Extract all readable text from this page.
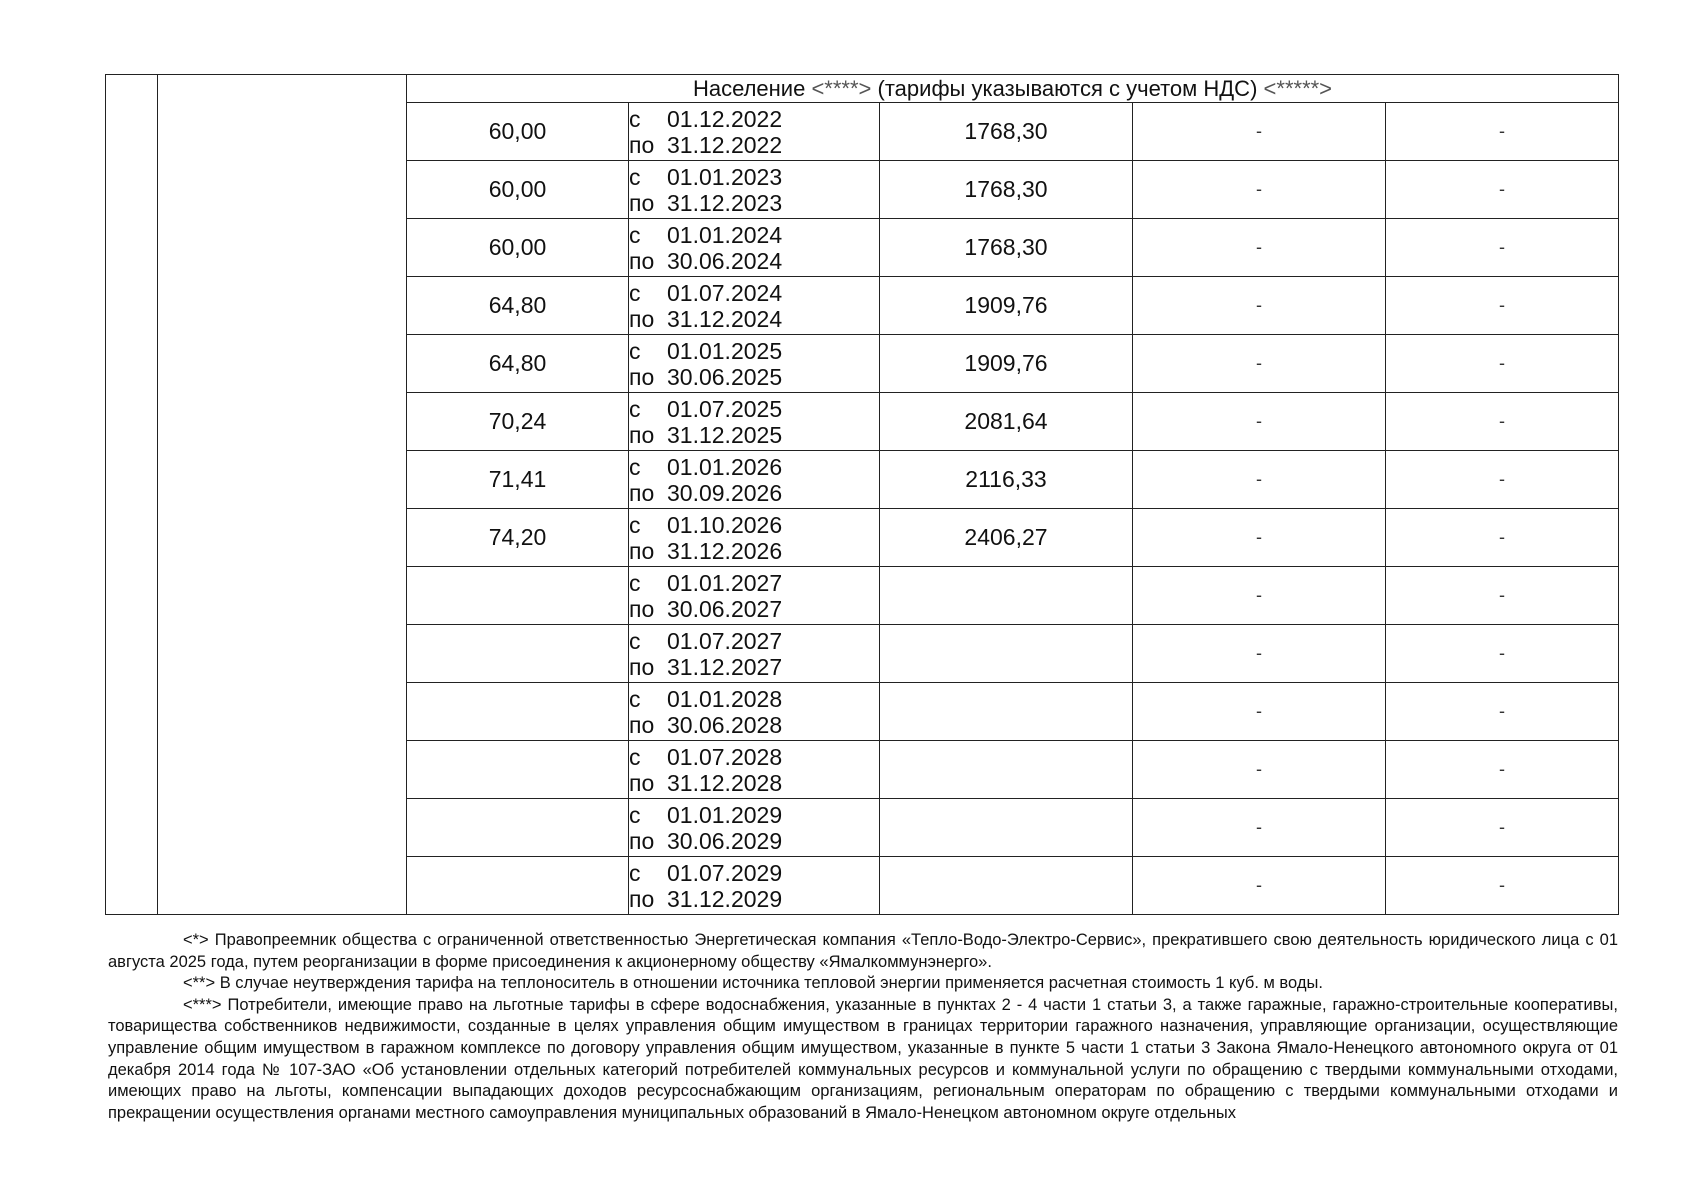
		Население <****> (тарифы указываются с учетом НДС) <*****>				
		60,00	с 01.12.2022
по 31.12.2022	1768,30	-	-
		60,00	с 01.01.2023
по 31.12.2023	1768,30	-	-
		60,00	с 01.01.2024
по 30.06.2024	1768,30	-	-
		64,80	с 01.07.2024
по 31.12.2024	1909,76	-	-
		64,80	с 01.01.2025
по 30.06.2025	1909,76	-	-
		70,24	с 01.07.2025
по 31.12.2025	2081,64	-	-
		71,41	с 01.01.2026
по 30.09.2026	2116,33	-	-
		74,20	с 01.10.2026
по 31.12.2026	2406,27	-	-

			с 01.01.2027
по 30.06.2027		-	-

			с 01.07.2027
по 31.12.2027		-	-

			с 01.01.2028
по 30.06.2028		-	-

			с 01.07.2028
по 31.12.2028		-	-

			с 01.01.2029
по 30.06.2029		-	-

			с 01.07.2029
по 31.12.2029		-	-

<*> Правопреемник общества с ограниченной ответственностью Энергетическая компания «Тепло-Водо-Электро-Сервис», прекратившего свою деятельность юридического лица с 01 августа 2025 года, путем реорганизации в форме присоединения к акционерному обществу «Ямалкоммунэнерго».

<**> В случае неутверждения тарифа на теплоноситель в отношении источника тепловой энергии применяется расчетная стоимость 1 куб. м воды.

<***> Потребители, имеющие право на льготные тарифы в сфере водоснабжения, указанные в пунктах 2 - 4 части 1 статьи 3, а также гаражные, гаражно-строительные кооперативы, товарищества собственников недвижимости, созданные в целях управления общим имуществом в границах территории гаражного назначения, управляющие организации, осуществляющие управление общим имуществом в гаражном комплексе по договору управления общим имуществом, указанные в пункте 5 части 1 статьи 3 Закона Ямало-Ненецкого автономного округа от 01 декабря 2014 года № 107-ЗАО «Об установлении отдельных категорий потребителей коммунальных ресурсов и коммунальной услуги по обращению с твердыми коммунальными отходами, имеющих право на льготы, компенсации выпадающих доходов ресурсоснабжающим организациям, региональным операторам по обращению с твердыми коммунальными отходами и прекращении осуществления органами местного самоуправления муниципальных образований в Ямало-Ненецком автономном округе отдельных
